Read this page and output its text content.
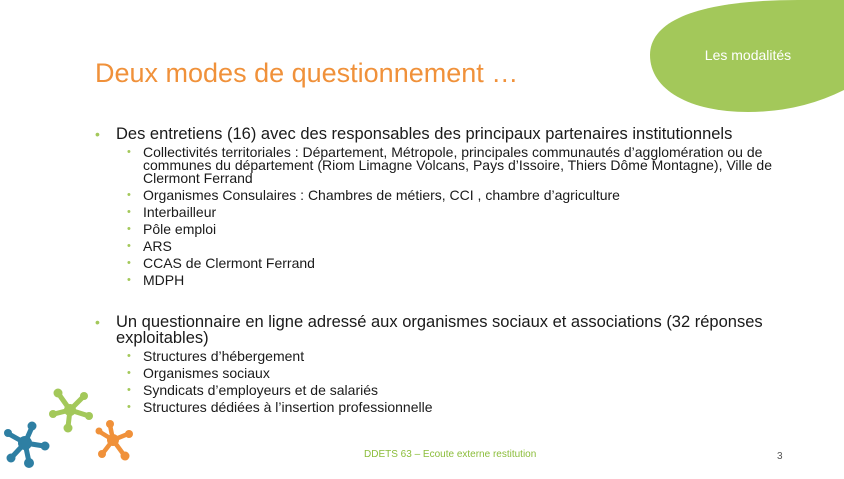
Les modalités
Deux modes de questionnement …
• Des entretiens (16) avec des responsables des principaux partenaires institutionnels
• Collectivités territoriales : Département, Métropole, principales communautés d’agglomération ou de communes du département (Riom Limagne Volcans, Pays d’Issoire, Thiers Dôme Montagne), Ville de Clermont Ferrand
• Organismes Consulaires : Chambres de métiers, CCI , chambre d’agriculture
• Interbailleur
• Pôle emploi
• ARS
• CCAS de Clermont Ferrand
• MDPH
• Un questionnaire en ligne adressé aux organismes sociaux et associations (32 réponses exploitables)
• Structures d’hébergement
• Organismes sociaux
• Syndicats d’employeurs et de salariés
• Structures dédiées à l’insertion professionnelle
DDETS 63 – Ecoute externe restitution	3
